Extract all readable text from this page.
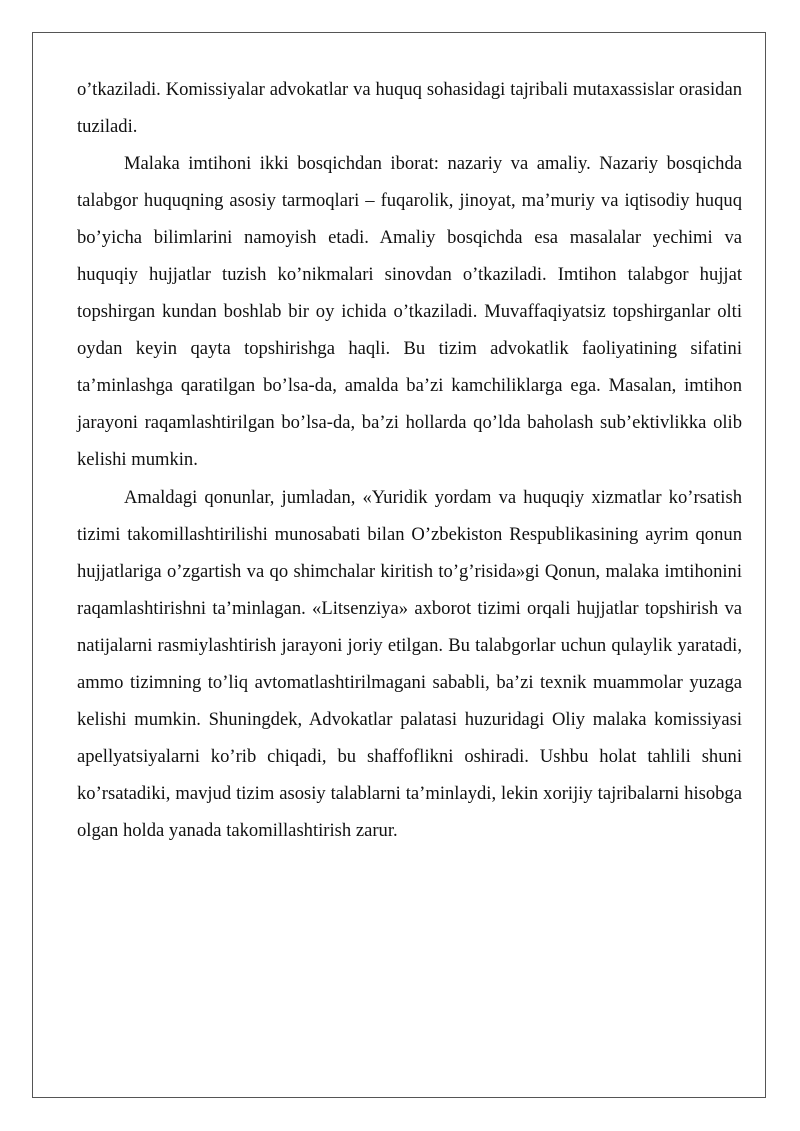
o’tkaziladi. Komissiyalar advokatlar va huquq sohasidagi tajribali mutaxassislar orasidan tuziladi.

Malaka imtihoni ikki bosqichdan iborat: nazariy va amaliy. Nazariy bosqichda talabgor huquqning asosiy tarmoqlari – fuqarolik, jinoyat, ma’muriy va iqtisodiy huquq bo’yicha bilimlarini namoyish etadi. Amaliy bosqichda esa masalalar yechimi va huquqiy hujjatlar tuzish ko’nikmalari sinovdan o’tkaziladi. Imtihon talabgor hujjat topshirgan kundan boshlab bir oy ichida o’tkaziladi. Muvaffaqiyatsiz topshirganlar olti oydan keyin qayta topshirishga haqli. Bu tizim advokatlik faoliyatining sifatini ta’minlashga qaratilgan bo’lsa-da, amalda ba’zi kamchiliklarga ega. Masalan, imtihon jarayoni raqamlashtirilgan bo’lsa-da, ba’zi hollarda qo’lda baholash sub’ektivlikka olib kelishi mumkin.

Amaldagi qonunlar, jumladan, «Yuridik yordam va huquqiy xizmatlar ko’rsatish tizimi takomillashtirilishi munosabati bilan O’zbekiston Respublikasining ayrim qonun hujjatlariga o’zgartish va qo shimchalar kiritish to’g’risida»gi Qonun, malaka imtihonini raqamlashtirishni ta’minlagan. «Litsenziya» axborot tizimi orqali hujjatlar topshirish va natijalarni rasmiylashtirish jarayoni joriy etilgan. Bu talabgorlar uchun qulaylik yaratadi, ammo tizimning to’liq avtomatlashtirilmagani sababli, ba’zi texnik muammolar yuzaga kelishi mumkin. Shuningdek, Advokatlar palatasi huzuridagi Oliy malaka komissiyasi apellyatsiyalarni ko’rib chiqadi, bu shaffoflikni oshiradi. Ushbu holat tahlili shuni ko’rsatadiki, mavjud tizim asosiy talablarni ta’minlaydi, lekin xorijiy tajribalarni hisobga olgan holda yanada takomillashtirish zarur.
